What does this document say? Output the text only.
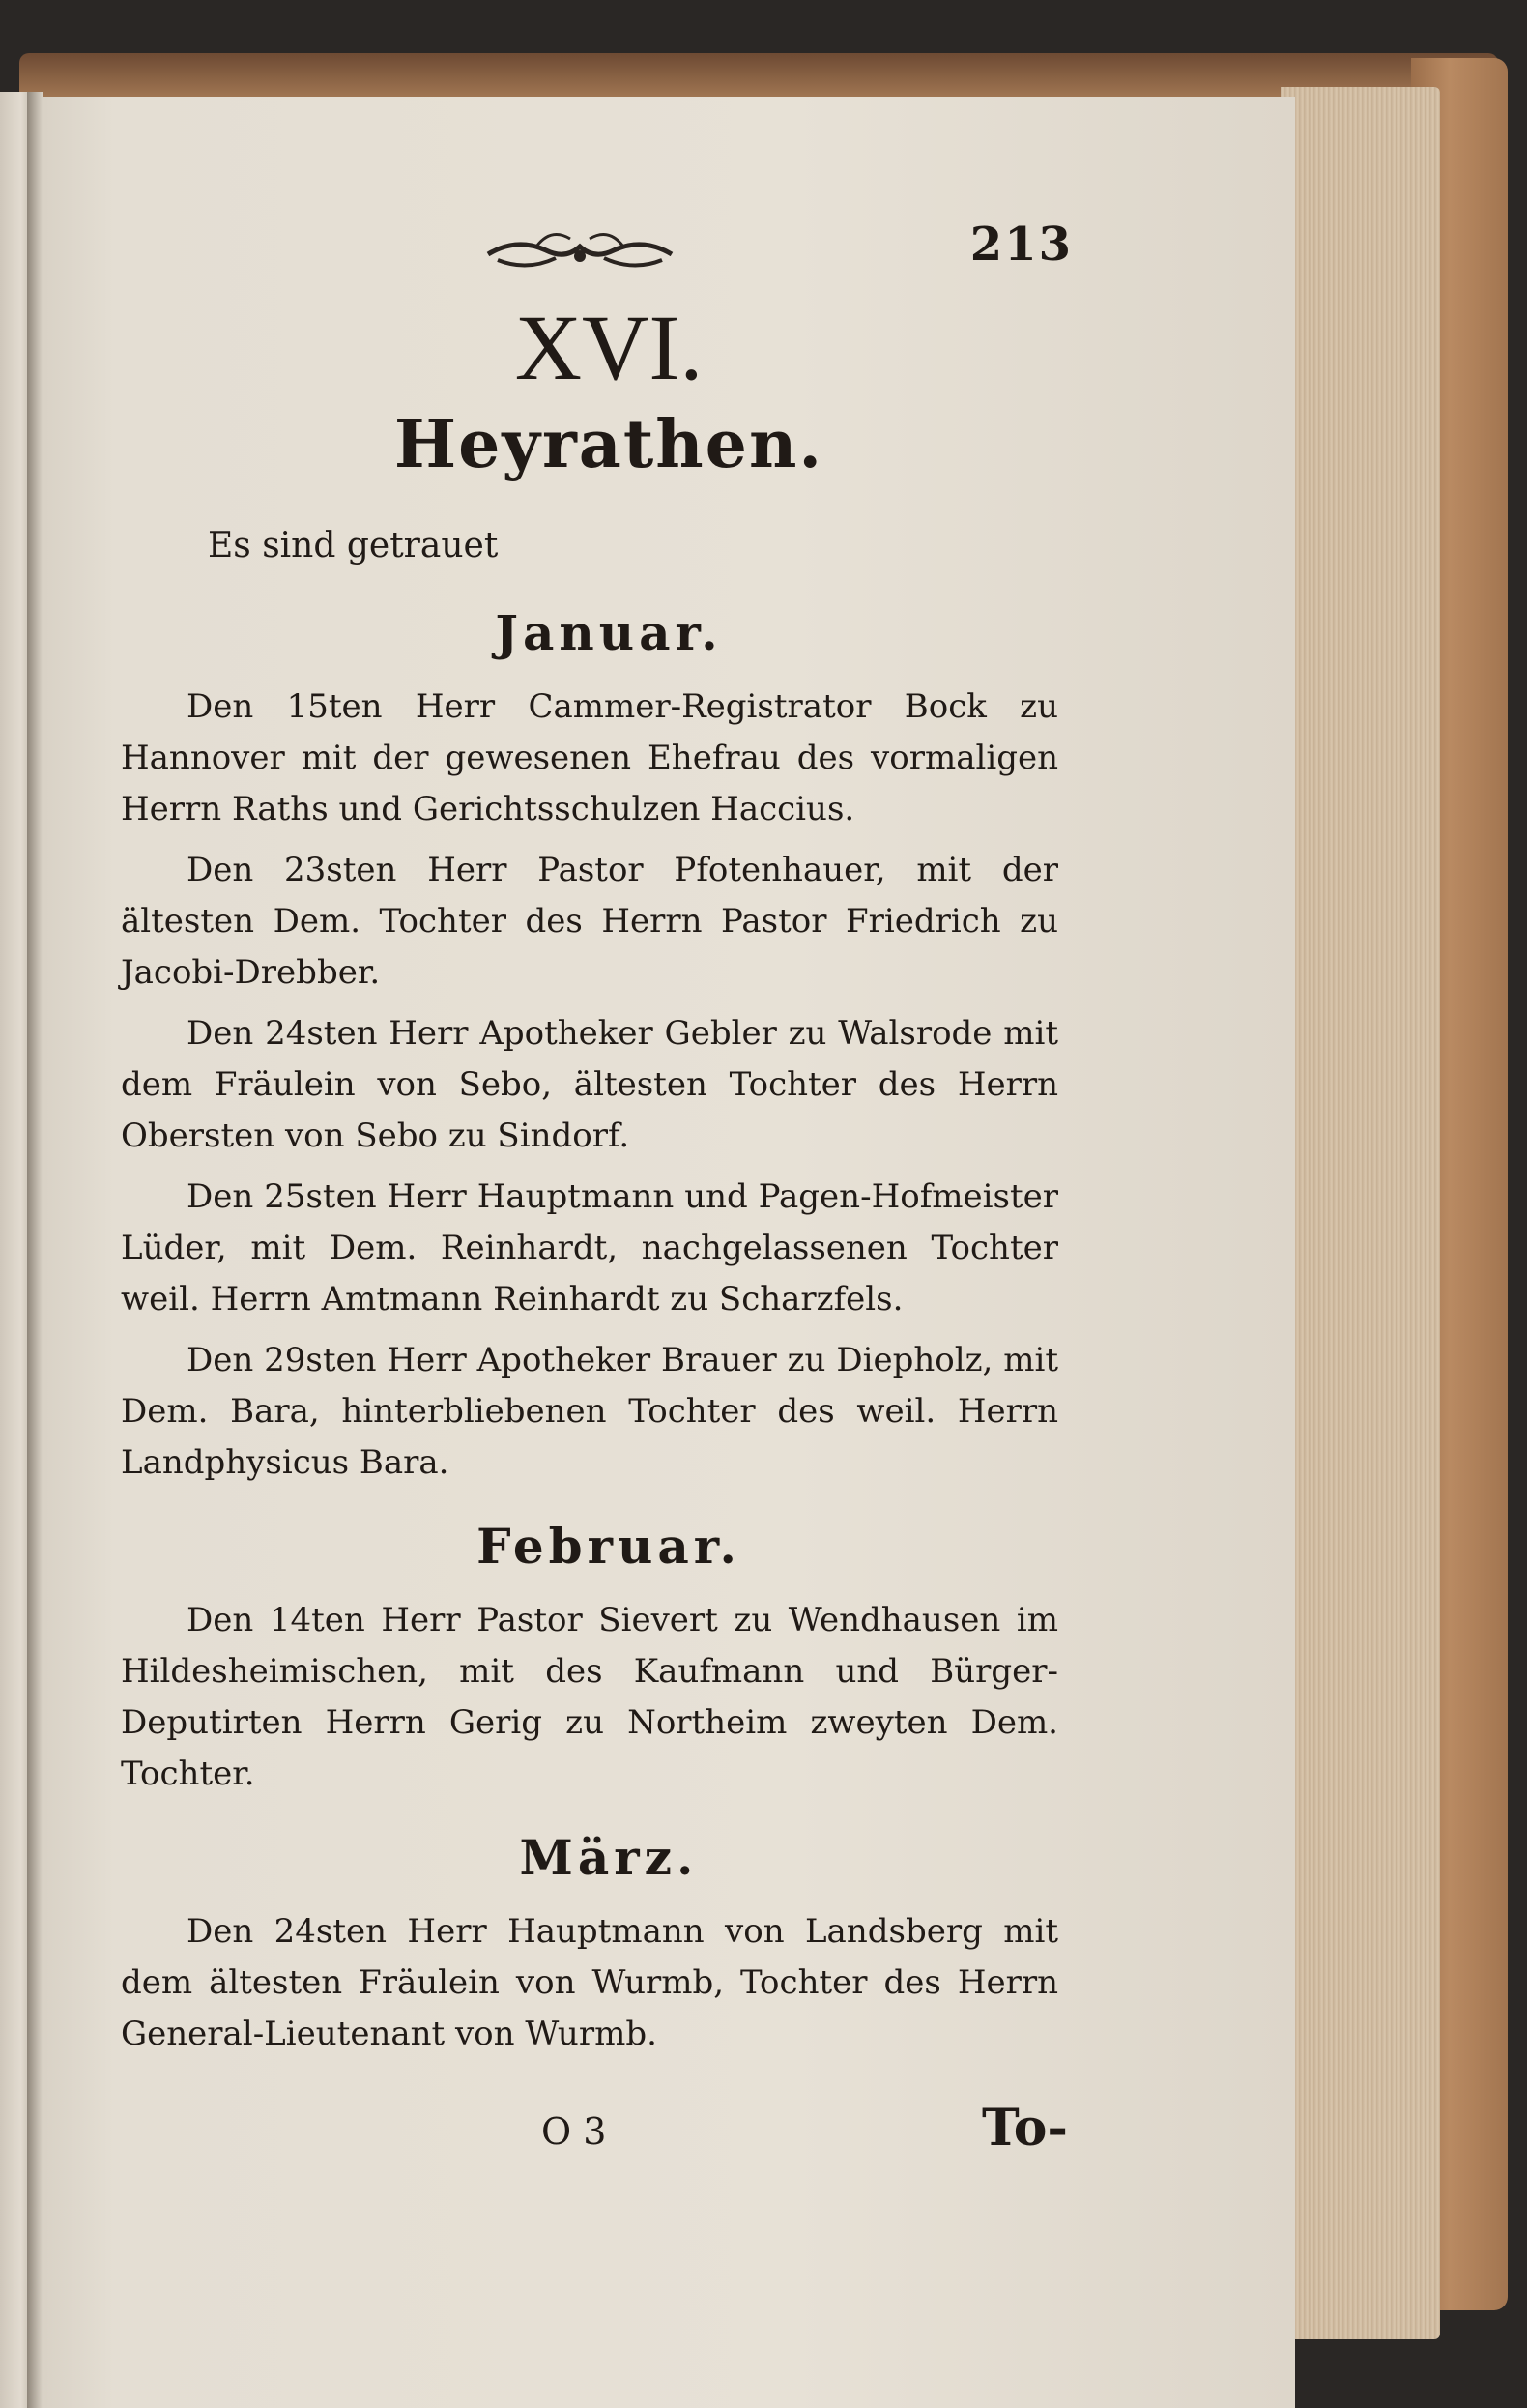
213
XVI.
Heyrathen.
Es sind getrauet
Januar.

Den 15ten Herr Cammer-Registrator Bock zu Hannover mit der gewesenen Ehefrau des vormaligen Herrn Raths und Gerichtsschulzen Haccius.

Den 23sten Herr Pastor Pfotenhauer, mit der ältesten Dem. Tochter des Herrn Pastor Friedrich zu Jacobi-Drebber.

Den 24sten Herr Apotheker Gebler zu Walsrode mit dem Fräulein von Sebo, ältesten Tochter des Herrn Obersten von Sebo zu Sindorf.

Den 25sten Herr Hauptmann und Pagen-Hofmeister Lüder, mit Dem. Reinhardt, nachgelassenen Tochter weil. Herrn Amtmann Reinhardt zu Scharzfels.

Den 29sten Herr Apotheker Brauer zu Diepholz, mit Dem. Bara, hinterbliebenen Tochter des weil. Herrn Landphysicus Bara.

Februar.

Den 14ten Herr Pastor Sievert zu Wendhausen im Hildesheimischen, mit des Kaufmann und Bürger-Deputirten Herrn Gerig zu Northeim zweyten Dem. Tochter.

März.

Den 24sten Herr Hauptmann von Landsberg mit dem ältesten Fräulein von Wurmb, Tochter des Herrn General-Lieutenant von Wurmb.

O 3	To-
